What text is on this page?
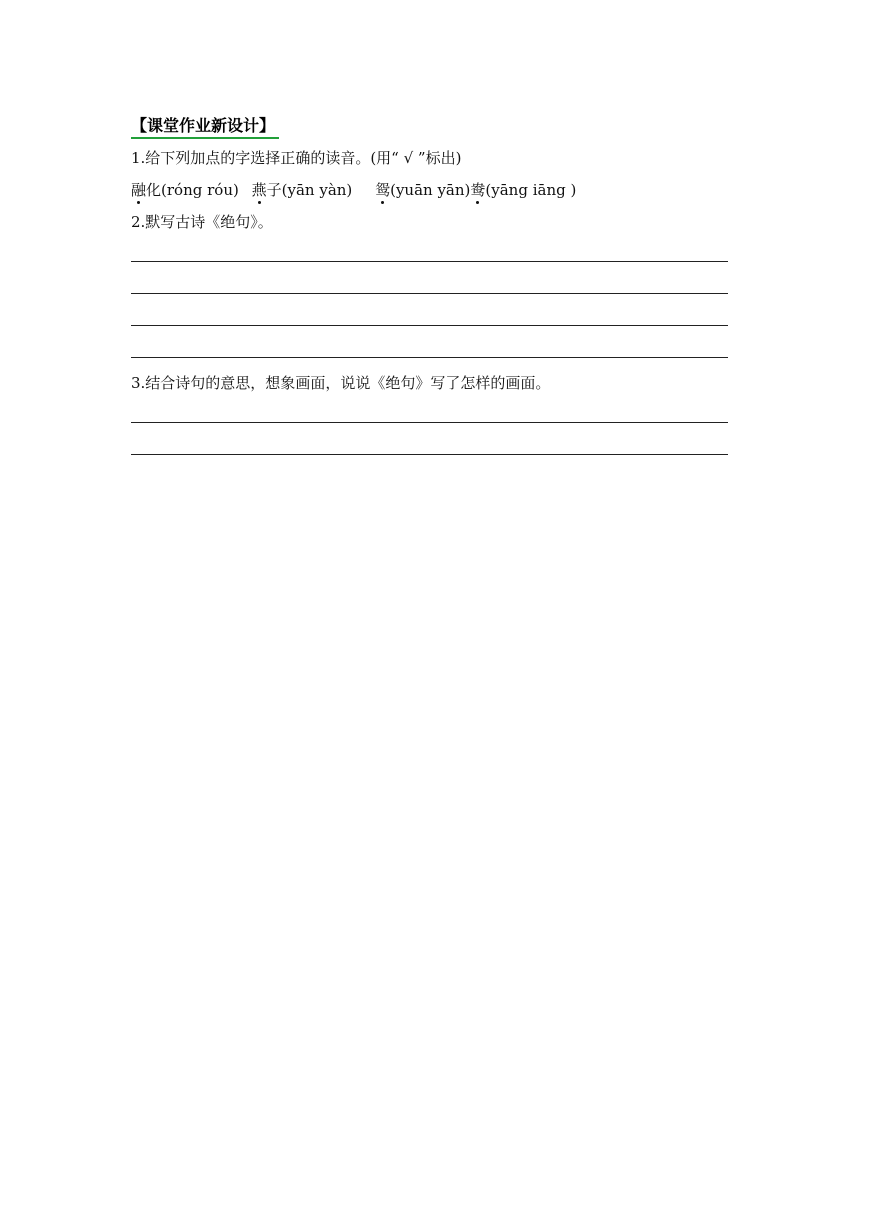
【课堂作业新设计】
1.给下列加点的字选择正确的读音。(用“ √ ”标出)
融化(róng róu) 燕子(yān yàn) 鸳(yuān yān)鸯(yāng iāng )
2.默写古诗《绝句》。
3.结合诗句的意思，想象画面，说说《绝句》写了怎样的画面。
